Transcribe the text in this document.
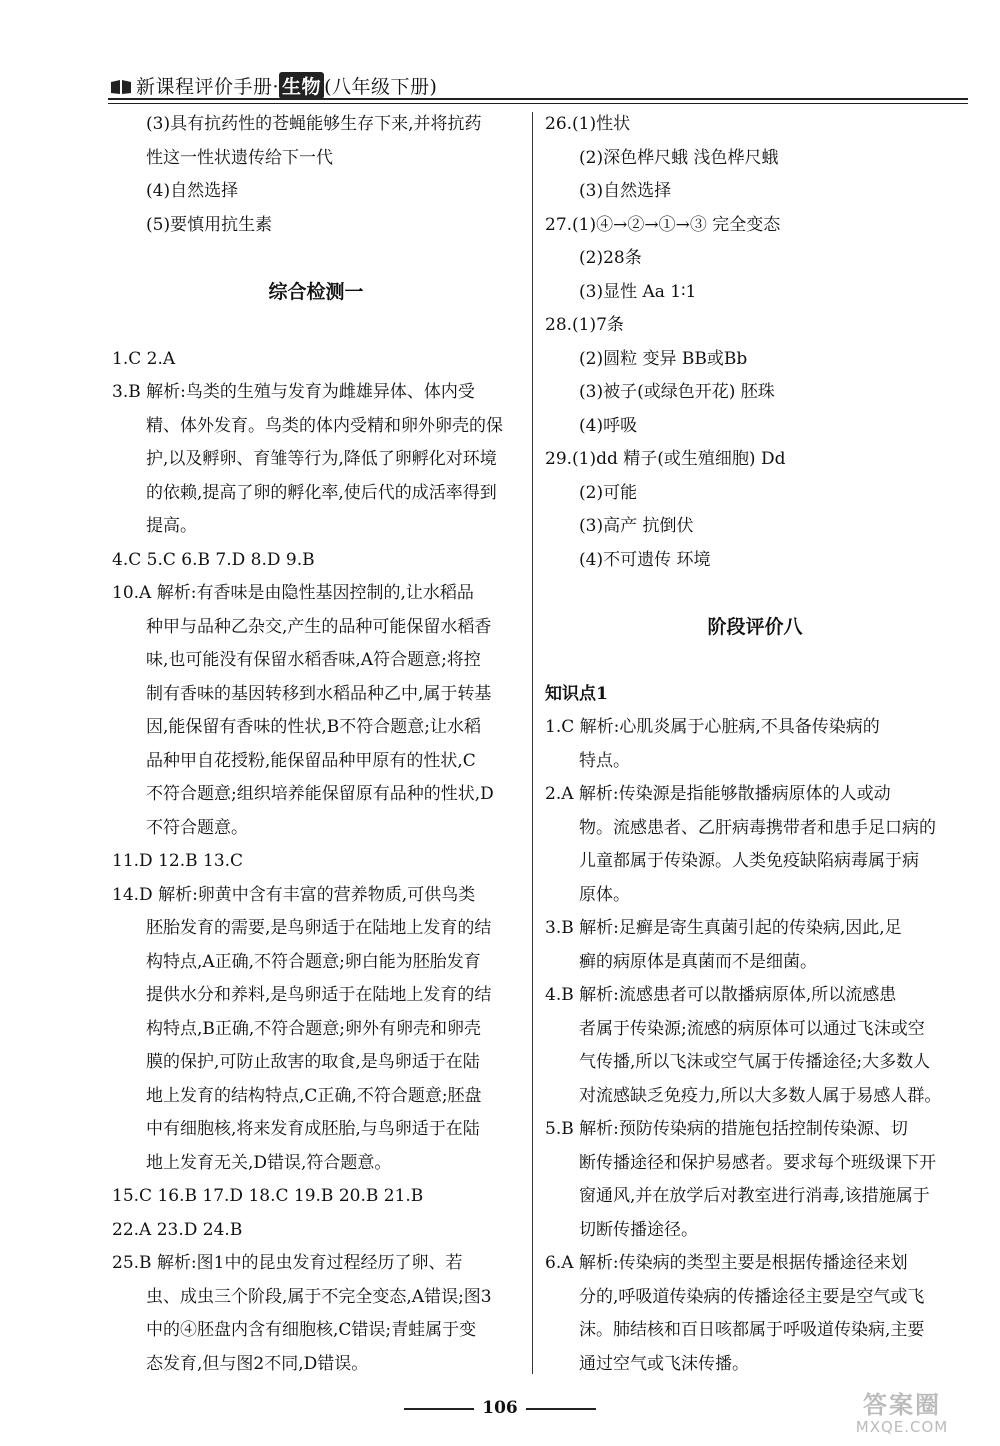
新课程评价手册· 生物 (八年级下册)

(3)具有抗药性的苍蝇能够生存下来,并将抗药

性这一性状遗传给下一代

(4)自然选择

(5)要慎用抗生素

综合检测一

1.C 2.A

3.B 解析:鸟类的生殖与发育为雌雄异体、体内受

精、体外发育。鸟类的体内受精和卵外卵壳的保

护,以及孵卵、育雏等行为,降低了卵孵化对环境

的依赖,提高了卵的孵化率,使后代的成活率得到

提高。

4.C 5.C 6.B 7.D 8.D 9.B

10.A 解析:有香味是由隐性基因控制的,让水稻品

种甲与品种乙杂交,产生的品种可能保留水稻香

味,也可能没有保留水稻香味,A符合题意;将控

制有香味的基因转移到水稻品种乙中,属于转基

因,能保留有香味的性状,B不符合题意;让水稻

品种甲自花授粉,能保留品种甲原有的性状,C

不符合题意;组织培养能保留原有品种的性状,D

不符合题意。

11.D 12.B 13.C

14.D 解析:卵黄中含有丰富的营养物质,可供鸟类

胚胎发育的需要,是鸟卵适于在陆地上发育的结

构特点,A正确,不符合题意;卵白能为胚胎发育

提供水分和养料,是鸟卵适于在陆地上发育的结

构特点,B正确,不符合题意;卵外有卵壳和卵壳

膜的保护,可防止敌害的取食,是鸟卵适于在陆

地上发育的结构特点,C正确,不符合题意;胚盘

中有细胞核,将来发育成胚胎,与鸟卵适于在陆

地上发育无关,D错误,符合题意。

15.C 16.B 17.D 18.C 19.B 20.B 21.B

22.A 23.D 24.B

25.B 解析:图1中的昆虫发育过程经历了卵、若

虫、成虫三个阶段,属于不完全变态,A错误;图3

中的④胚盘内含有细胞核,C错误;青蛙属于变

态发育,但与图2不同,D错误。

26.(1)性状

(2)深色桦尺蛾 浅色桦尺蛾

(3)自然选择

27.(1)④→②→①→③ 完全变态

(2)28条

(3)显性 Aa 1∶1

28.(1)7条

(2)圆粒 变异 BB或Bb

(3)被子(或绿色开花) 胚珠

(4)呼吸

29.(1)dd 精子(或生殖细胞) Dd

(2)可能

(3)高产 抗倒伏

(4)不可遗传 环境

阶段评价八

知识点1

1.C 解析:心肌炎属于心脏病,不具备传染病的

特点。

2.A 解析:传染源是指能够散播病原体的人或动

物。流感患者、乙肝病毒携带者和患手足口病的

儿童都属于传染源。人类免疫缺陷病毒属于病

原体。

3.B 解析:足癣是寄生真菌引起的传染病,因此,足

癣的病原体是真菌而不是细菌。

4.B 解析:流感患者可以散播病原体,所以流感患

者属于传染源;流感的病原体可以通过飞沫或空

气传播,所以飞沫或空气属于传播途径;大多数人

对流感缺乏免疫力,所以大多数人属于易感人群。

5.B 解析:预防传染病的措施包括控制传染源、切

断传播途径和保护易感者。要求每个班级课下开

窗通风,并在放学后对教室进行消毒,该措施属于

切断传播途径。

6.A 解析:传染病的类型主要是根据传播途径来划

分的,呼吸道传染病的传播途径主要是空气或飞

沫。肺结核和百日咳都属于呼吸道传染病,主要

通过空气或飞沫传播。

106	答案圈
MXQE.COM
